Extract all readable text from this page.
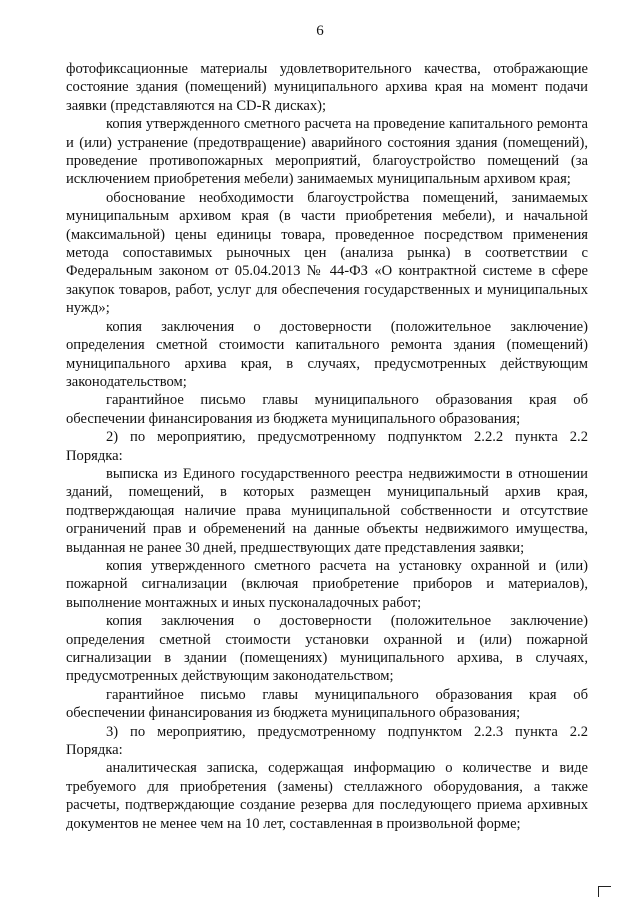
6

фотофиксационные материалы удовлетворительного качества, отображающие состояние здания (помещений) муниципального архива края на момент подачи заявки (представляются на CD-R дисках);

копия утвержденного сметного расчета на проведение капитального ремонта и (или) устранение (предотвращение) аварийного состояния здания (помещений), проведение противопожарных мероприятий, благоустройство помещений (за исключением приобретения мебели) занимаемых муниципальным архивом края;

обоснование необходимости благоустройства помещений, занимаемых муниципальным архивом края (в части приобретения мебели), и начальной (максимальной) цены единицы товара, проведенное посредством применения метода сопоставимых рыночных цен (анализа рынка) в соответствии с Федеральным законом от 05.04.2013 № 44-ФЗ «О контрактной системе в сфере закупок товаров, работ, услуг для обеспечения государственных и муниципальных нужд»;

копия заключения о достоверности (положительное заключение) определения сметной стоимости капитального ремонта здания (помещений) муниципального архива края, в случаях, предусмотренных действующим законодательством;

гарантийное письмо главы муниципального образования края об обеспечении финансирования из бюджета муниципального образования;

2) по мероприятию, предусмотренному подпунктом 2.2.2 пункта 2.2 Порядка:

выписка из Единого государственного реестра недвижимости в отношении зданий, помещений, в которых размещен муниципальный архив края, подтверждающая наличие права муниципальной собственности и отсутствие ограничений прав и обременений на данные объекты недвижимого имущества, выданная не ранее 30 дней, предшествующих дате представления заявки;

копия утвержденного сметного расчета на установку охранной и (или) пожарной сигнализации (включая приобретение приборов и материалов), выполнение монтажных и иных пусконаладочных работ;

копия заключения о достоверности (положительное заключение) определения сметной стоимости установки охранной и (или) пожарной сигнализации в здании (помещениях) муниципального архива, в случаях, предусмотренных действующим законодательством;

гарантийное письмо главы муниципального образования края об обеспечении финансирования из бюджета муниципального образования;

3) по мероприятию, предусмотренному подпунктом 2.2.3 пункта 2.2 Порядка:

аналитическая записка, содержащая информацию о количестве и виде требуемого для приобретения (замены) стеллажного оборудования, а также расчеты, подтверждающие создание резерва для последующего приема архивных документов не менее чем на 10 лет, составленная в произвольной форме;
